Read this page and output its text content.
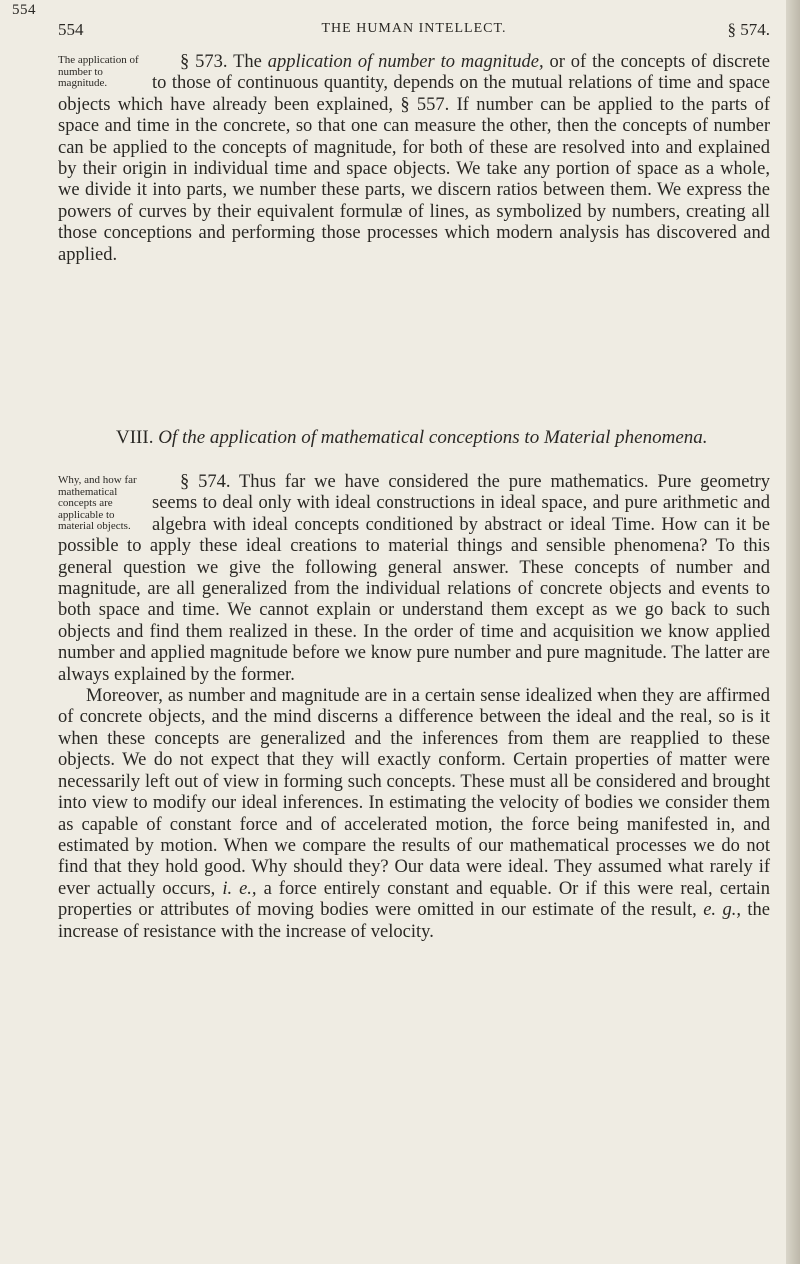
554
554	THE HUMAN INTELLECT.	§ 574.
The application of number to magnitude.

§ 573. The application of number to magnitude, or of the concepts of discrete to those of continuous quantity, depends on the mutual relations of time and space objects which have already been explained, § 557. If number can be applied to the parts of space and time in the concrete, so that one can measure the other, then the concepts of number can be applied to the concepts of magnitude, for both of these are resolved into and explained by their origin in individual time and space objects. We take any portion of space as a whole, we divide it into parts, we number these parts, we discern ratios between them. We express the powers of curves by their equivalent formulæ of lines, as symbolized by numbers, creating all those conceptions and performing those processes which modern analysis has discovered and applied.

VIII. Of the application of mathematical conceptions to Material phenomena.
Why, and how far mathematical concepts are applicable to material objects.

§ 574. Thus far we have considered the pure mathematics. Pure geometry seems to deal only with ideal constructions in ideal space, and pure arithmetic and algebra with ideal concepts conditioned by abstract or ideal Time. How can it be possible to apply these ideal creations to material things and sensible phenomena? To this general question we give the following general answer. These concepts of number and magnitude, are all generalized from the individual relations of concrete objects and events to both space and time. We cannot explain or understand them except as we go back to such objects and find them realized in these. In the order of time and acquisition we know applied number and applied magnitude before we know pure number and pure magnitude. The latter are always explained by the former.

Moreover, as number and magnitude are in a certain sense idealized when they are affirmed of concrete objects, and the mind discerns a difference between the ideal and the real, so is it when these concepts are generalized and the inferences from them are reapplied to these objects. We do not expect that they will exactly conform. Certain properties of matter were necessarily left out of view in forming such concepts. These must all be considered and brought into view to modify our ideal inferences. In estimating the velocity of bodies we consider them as capable of constant force and of accelerated motion, the force being manifested in, and estimated by motion. When we compare the results of our mathematical processes we do not find that they hold good. Why should they? Our data were ideal. They assumed what rarely if ever actually occurs, i. e., a force entirely constant and equable. Or if this were real, certain properties or attributes of moving bodies were omitted in our estimate of the result, e. g., the increase of resistance with the increase of velocity.
